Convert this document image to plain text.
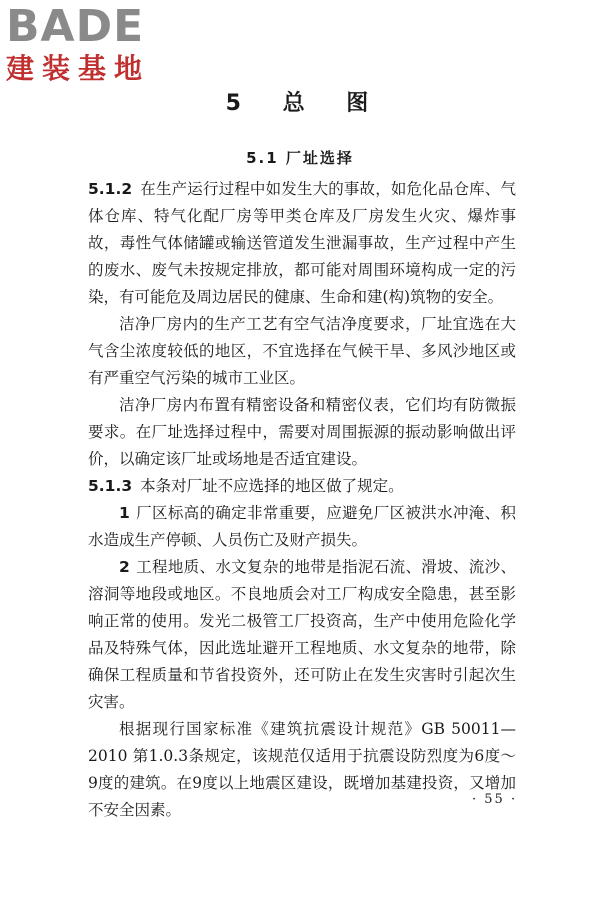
BADE
建装基地
5 总 图
5.1 厂址选择

5.1.2 在生产运行过程中如发生大的事故，如危化品仓库、气体仓库、特气化配厂房等甲类仓库及厂房发生火灾、爆炸事故，毒性气体储罐或输送管道发生泄漏事故，生产过程中产生的废水、废气未按规定排放，都可能对周围环境构成一定的污染，有可能危及周边居民的健康、生命和建(构)筑物的安全。

洁净厂房内的生产工艺有空气洁净度要求，厂址宜选在大气含尘浓度较低的地区，不宜选择在气候干旱、多风沙地区或有严重空气污染的城市工业区。

洁净厂房内布置有精密设备和精密仪表，它们均有防微振要求。在厂址选择过程中，需要对周围振源的振动影响做出评价，以确定该厂址或场地是否适宜建设。

5.1.3 本条对厂址不应选择的地区做了规定。

1 厂区标高的确定非常重要，应避免厂区被洪水冲淹、积水造成生产停顿、人员伤亡及财产损失。

2 工程地质、水文复杂的地带是指泥石流、滑坡、流沙、溶洞等地段或地区。不良地质会对工厂构成安全隐患，甚至影响正常的使用。发光二极管工厂投资高，生产中使用危险化学品及特殊气体，因此选址避开工程地质、水文复杂的地带，除确保工程质量和节省投资外，还可防止在发生灾害时引起次生灾害。

根据现行国家标准《建筑抗震设计规范》GB 50011—2010 第1.0.3条规定，该规范仅适用于抗震设防烈度为6度～9度的建筑。在9度以上地震区建设，既增加基建投资，又增加不安全因素。

· 55 ·
